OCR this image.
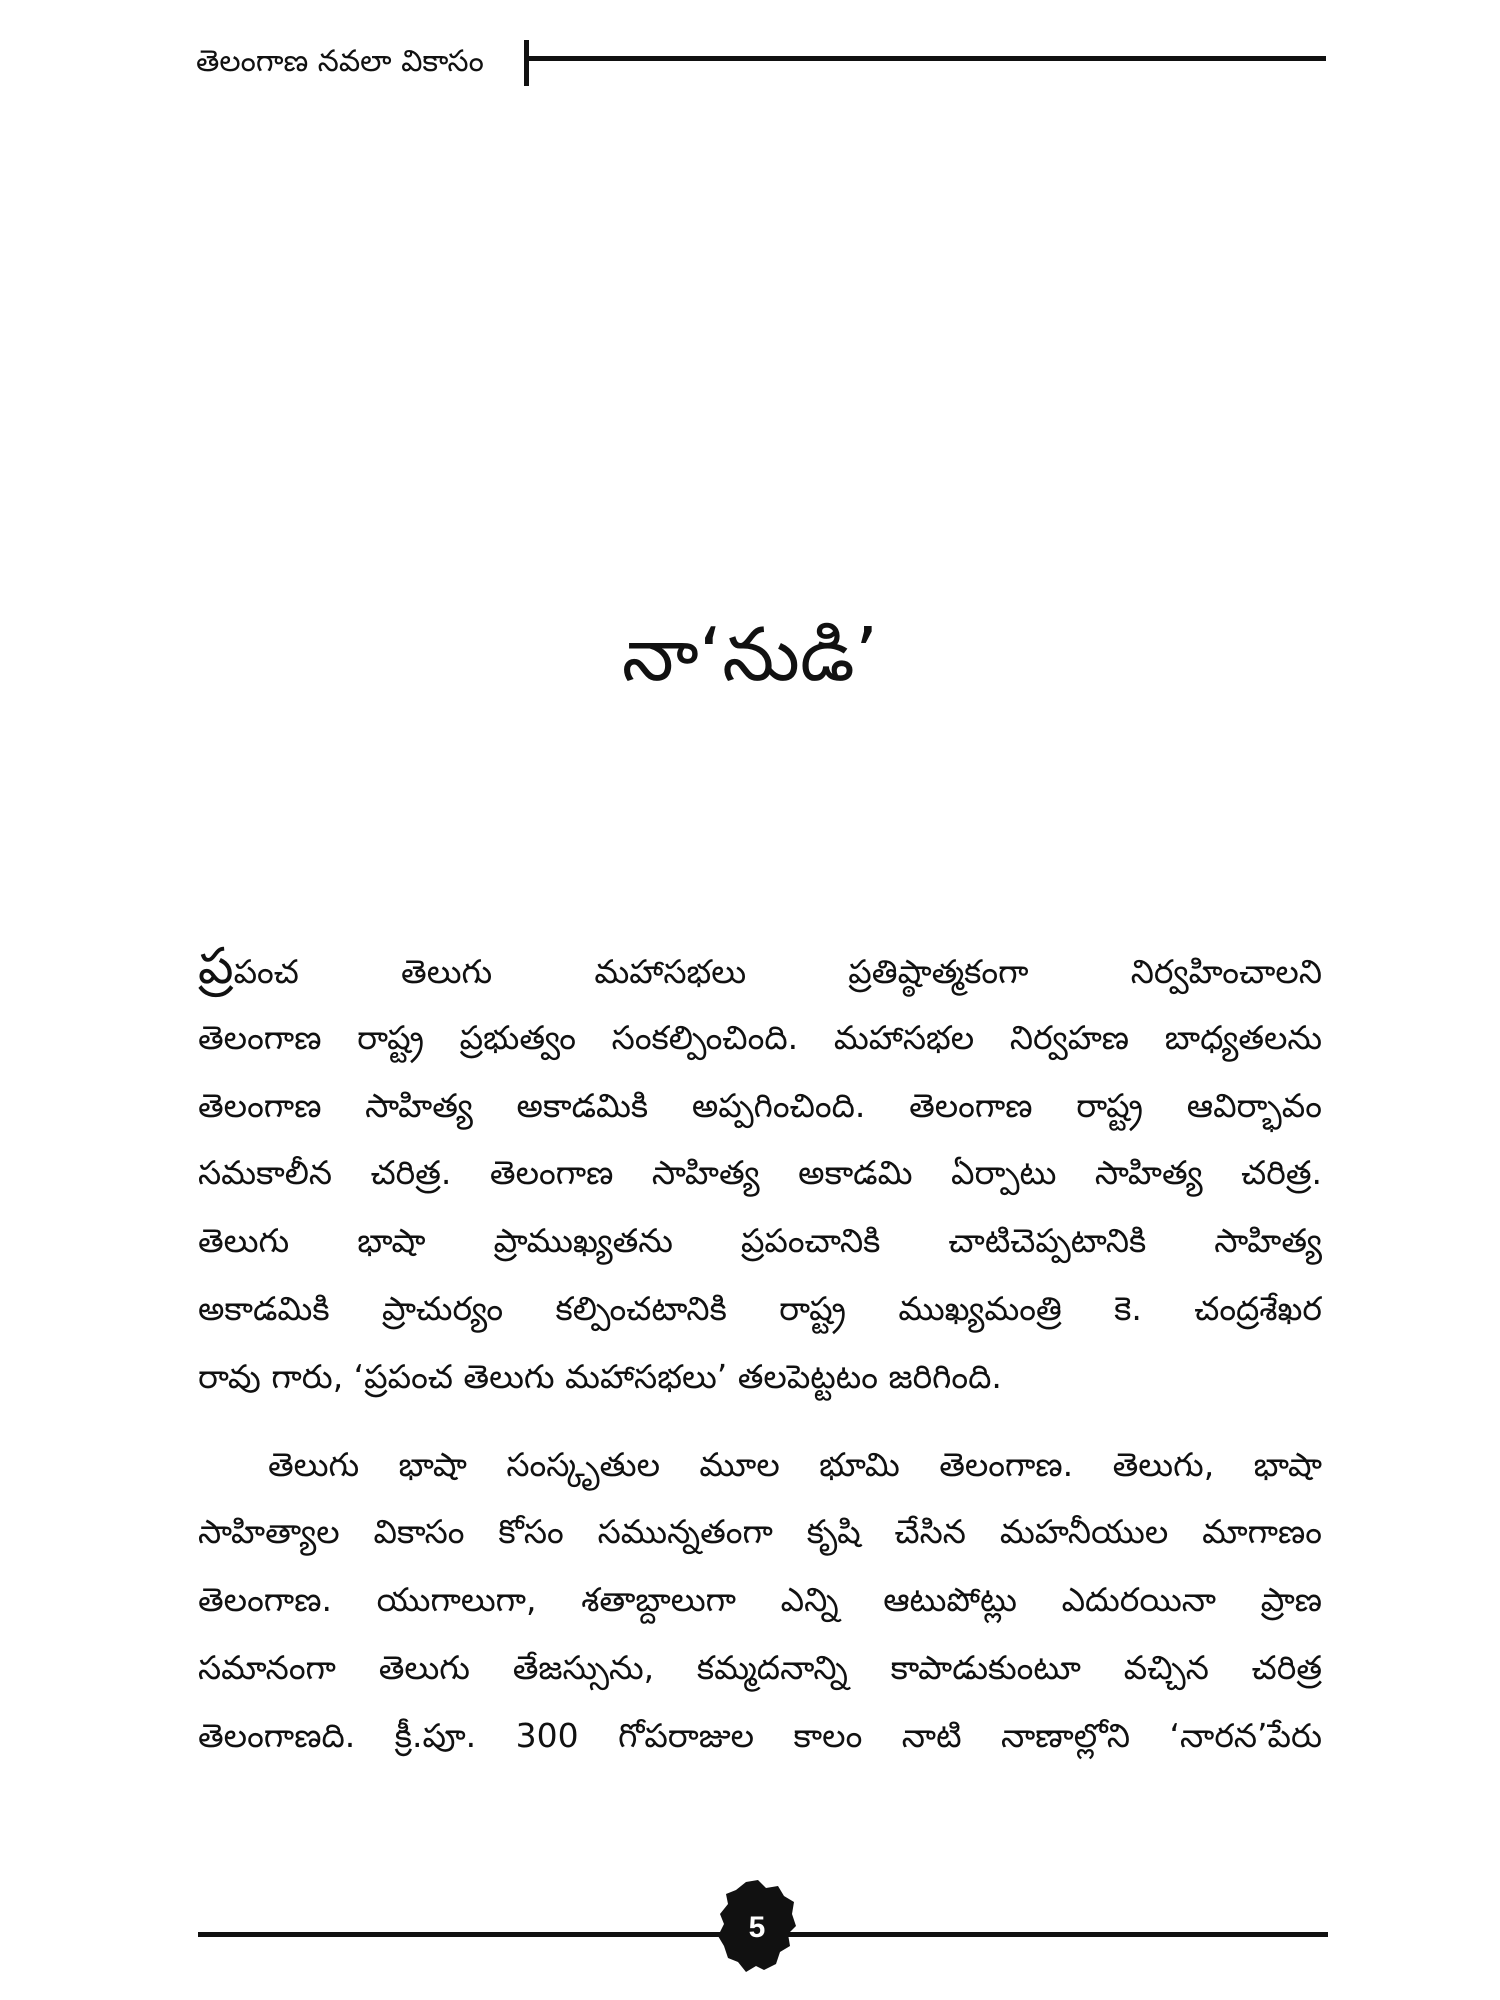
తెలంగాణ నవలా వికాసం
నా‘నుడి’

ప్రపంచ తెలుగు మహాసభలు ప్రతిష్ఠాత్మకంగా నిర్వహించాలని
తెలంగాణ రాష్ట్ర ప్రభుత్వం సంకల్పించింది. మహాసభల నిర్వహణ బాధ్యతలను
తెలంగాణ సాహిత్య అకాడమికి అప్పగించింది. తెలంగాణ రాష్ట్ర ఆవిర్భావం
సమకాలీన చరిత్ర. తెలంగాణ సాహిత్య అకాడమి ఏర్పాటు సాహిత్య చరిత్ర.
తెలుగు భాషా ప్రాముఖ్యతను ప్రపంచానికి చాటిచెప్పటానికి సాహిత్య
అకాడమికి ప్రాచుర్యం కల్పించటానికి రాష్ట్ర ముఖ్యమంత్రి కె. చంద్రశేఖర
రావు గారు, ‘ప్రపంచ తెలుగు మహాసభలు’ తలపెట్టటం జరిగింది.

తెలుగు భాషా సంస్కృతుల మూల భూమి తెలంగాణ. తెలుగు, భాషా
సాహిత్యాల వికాసం కోసం సమున్నతంగా కృషి చేసిన మహనీయుల మాగాణం
తెలంగాణ. యుగాలుగా, శతాబ్దాలుగా ఎన్ని ఆటుపోట్లు ఎదురయినా ప్రాణ
సమానంగా తెలుగు తేజస్సును, కమ్మదనాన్ని కాపాడుకుంటూ వచ్చిన చరిత్ర
తెలంగాణది. క్రీ.పూ. 300 గోపరాజుల కాలం నాటి నాణాల్లోని ‘నారన’పేరు

5
